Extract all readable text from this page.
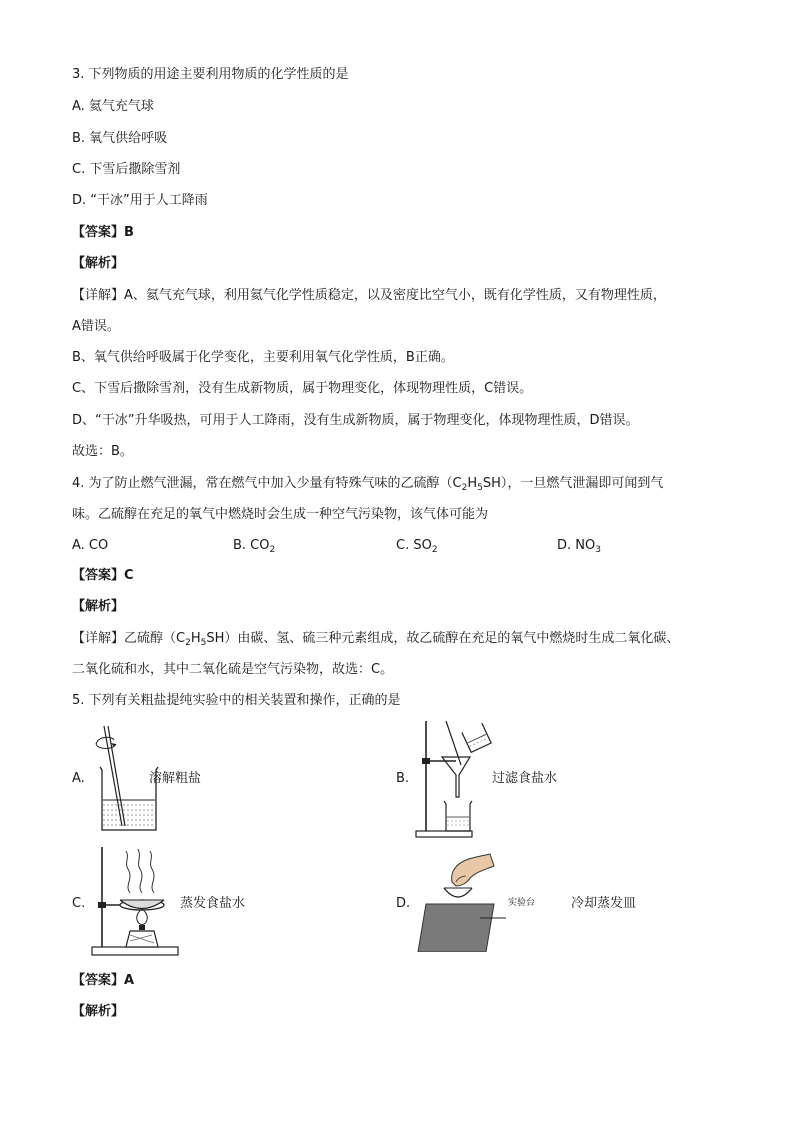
3. 下列物质的用途主要利用物质的化学性质的是
A. 氦气充气球
B. 氧气供给呼吸
C. 下雪后撒除雪剂
D. “干冰”用于人工降雨
【答案】B
【解析】
【详解】A、氦气充气球，利用氦气化学性质稳定，以及密度比空气小，既有化学性质，又有物理性质，
A错误。
B、氧气供给呼吸属于化学变化，主要利用氧气化学性质，B正确。
C、下雪后撒除雪剂，没有生成新物质，属于物理变化，体现物理性质，C错误。
D、“干冰”升华吸热，可用于人工降雨，没有生成新物质，属于物理变化，体现物理性质，D错误。
故选：B。
4. 为了防止燃气泄漏，常在燃气中加入少量有特殊气味的乙硫醇$(C_2H_5SH)$，一旦燃气泄漏即可闻到气
味。乙硫醇在充足的氧气中燃烧时会生成一种空气污染物，该气体可能为
A. CO	B. $CO_2$	C. $SO_2$	D. $NO_3$
【答案】C
【解析】
【详解】乙硫醇$(C_2H_5SH)$由碳、氢、硫三种元素组成，故乙硫醇在充足的氧气中燃烧时生成二氧化碳、
二氧化硫和水，其中二氧化硫是空气污染物，故选：C。
5. 下列有关粗盐提纯实验中的相关装置和操作，正确的是
A.	溶解粗盐	B.	过滤食盐水
C.	蒸发食盐水	D.	实验台	冷却蒸发皿
【答案】A
【解析】
